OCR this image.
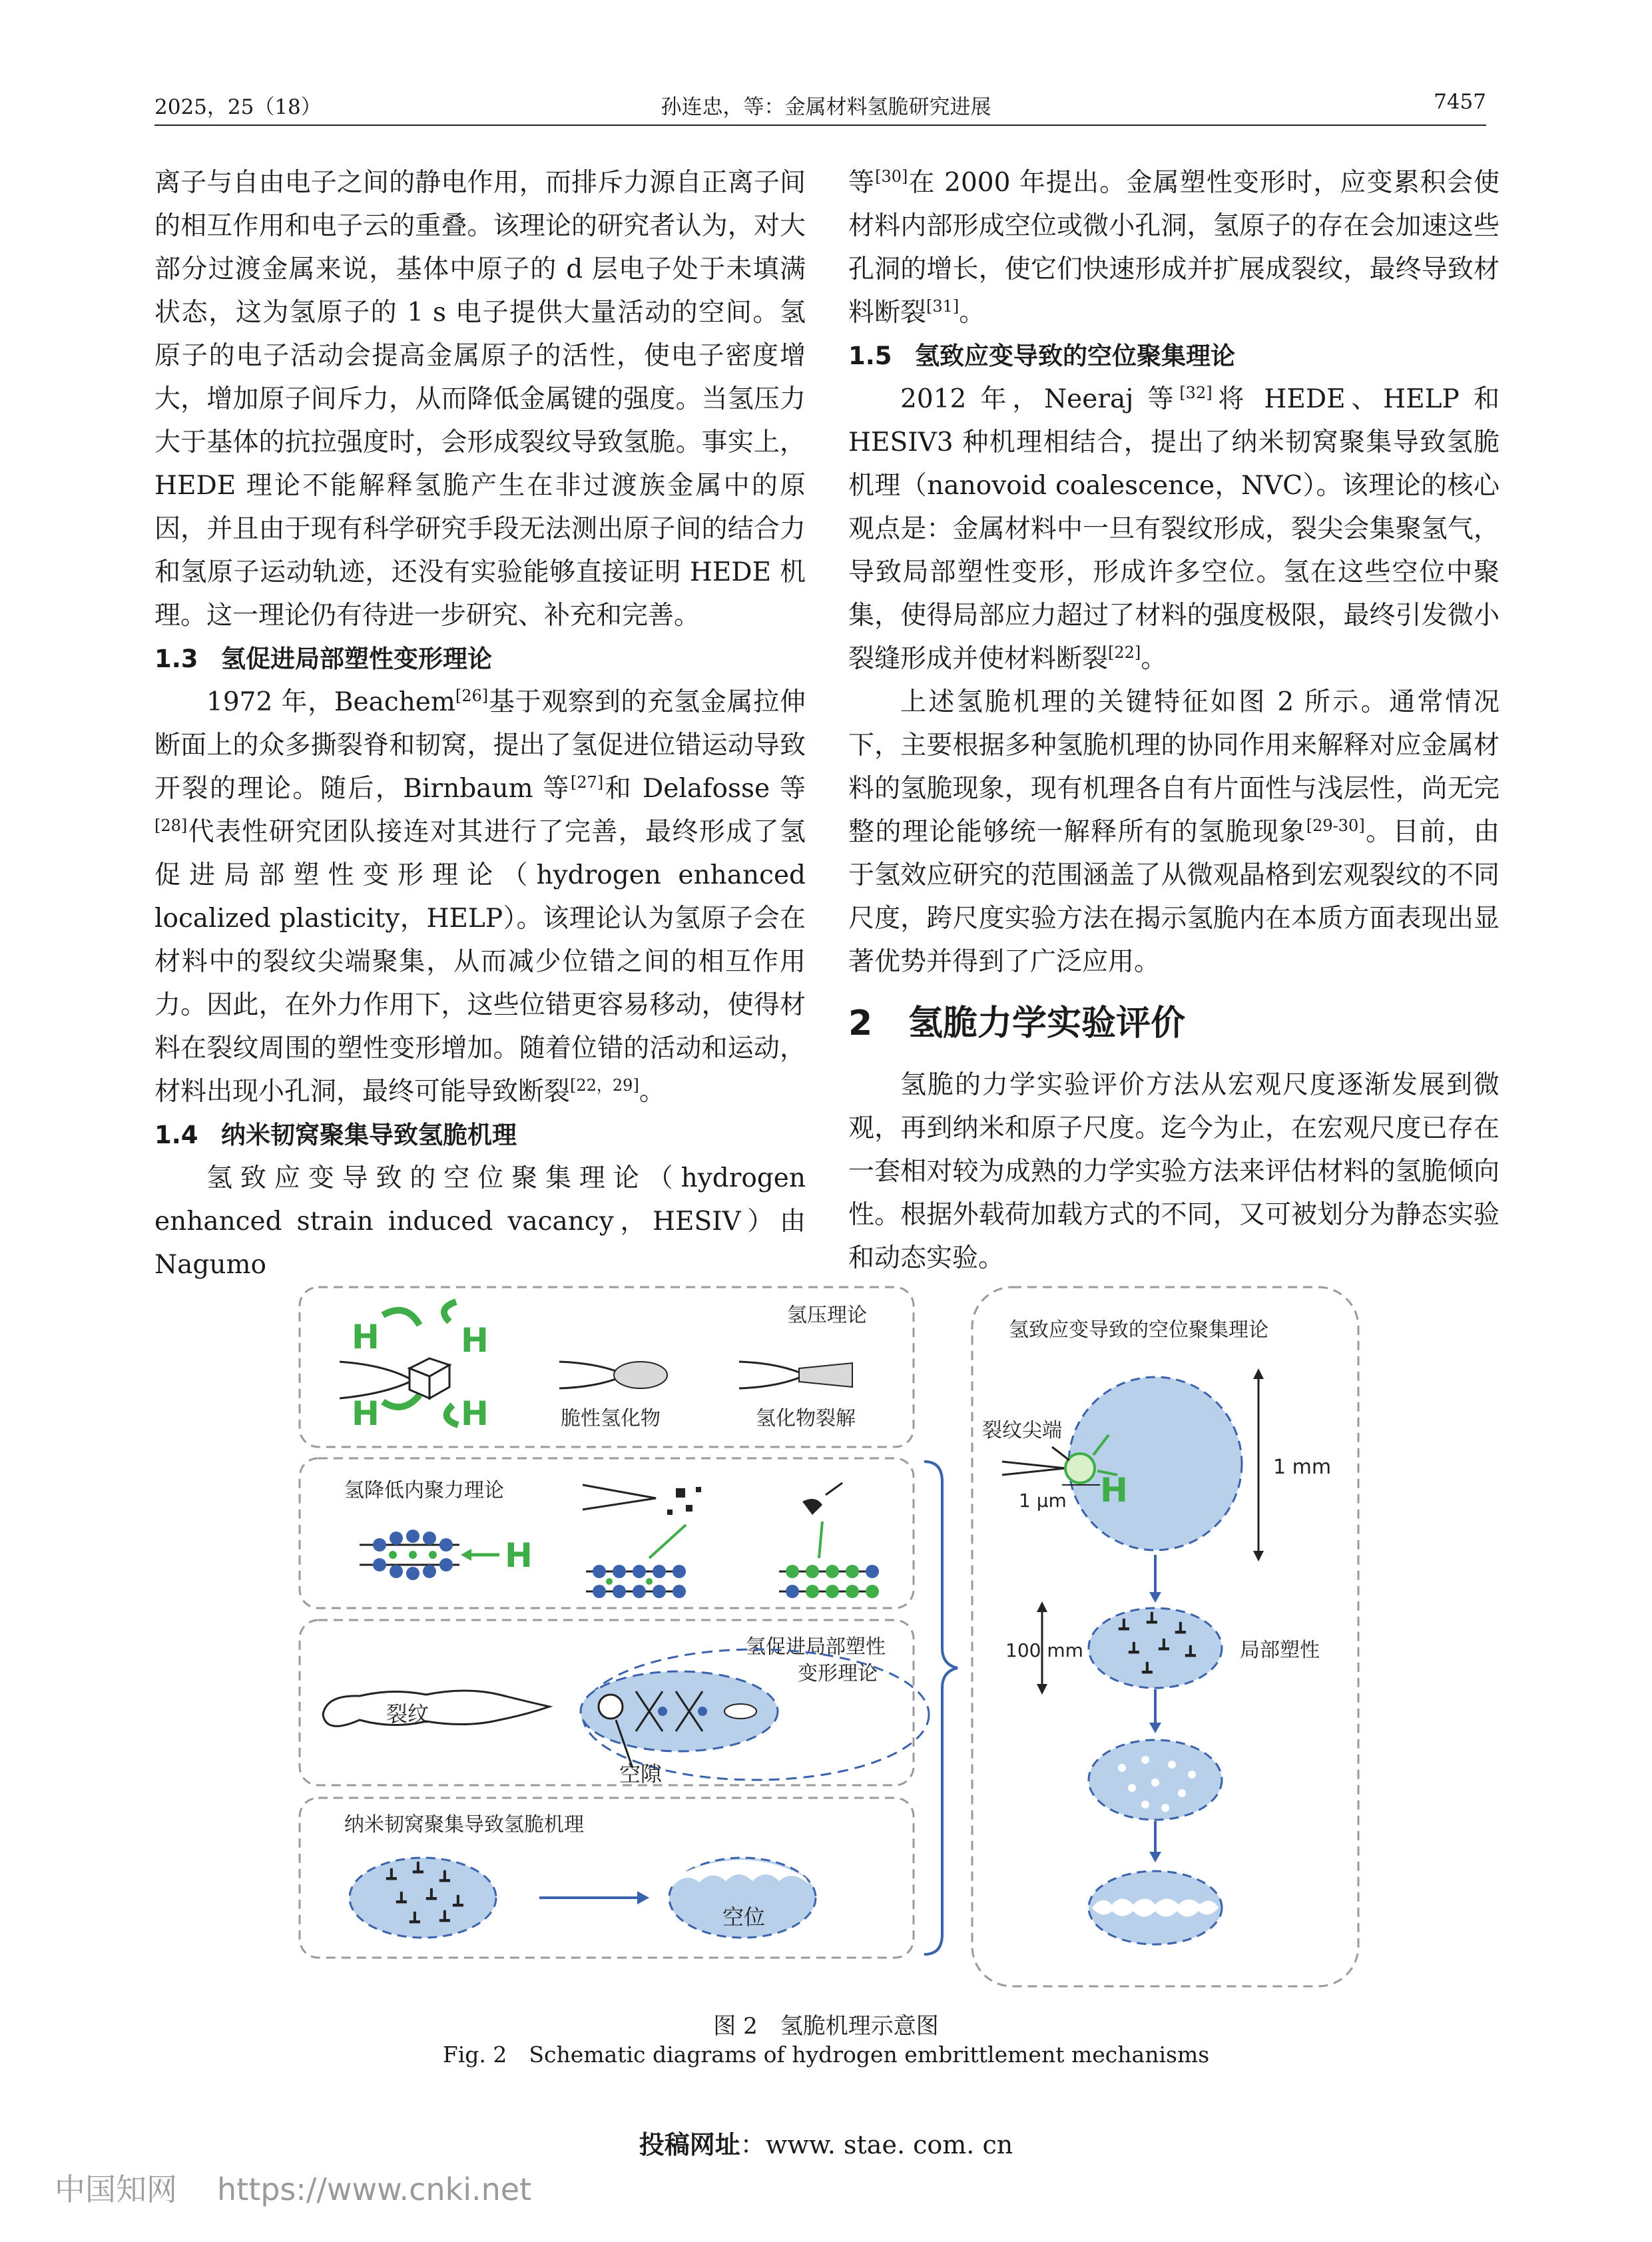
2025，25（18）	孙连忠，等：金属材料氢脆研究进展	7457

离子与自由电子之间的静电作用，而排斥力源自正离子间的相互作用和电子云的重叠。该理论的研究者认为，对大部分过渡金属来说，基体中原子的 d 层电子处于未填满状态，这为氢原子的 1 s 电子提供大量活动的空间。氢原子的电子活动会提高金属原子的活性，使电子密度增大，增加原子间斥力，从而降低金属键的强度。当氢压力大于基体的抗拉强度时，会形成裂纹导致氢脆。事实上，HEDE 理论不能解释氢脆产生在非过渡族金属中的原因，并且由于现有科学研究手段无法测出原子间的结合力和氢原子运动轨迹，还没有实验能够直接证明 HEDE 机理。这一理论仍有待进一步研究、补充和完善。

1.3 氢促进局部塑性变形理论

1972 年，Beachem[26]基于观察到的充氢金属拉伸断面上的众多撕裂脊和韧窝，提出了氢促进位错运动导致开裂的理论。随后，Birnbaum 等[27]和 Delafosse 等[28]代表性研究团队接连对其进行了完善，最终形成了氢促进局部塑性变形理论（hydrogen enhanced localized plasticity，HELP）。该理论认为氢原子会在材料中的裂纹尖端聚集，从而减少位错之间的相互作用力。因此，在外力作用下，这些位错更容易移动，使得材料在裂纹周围的塑性变形增加。随着位错的活动和运动，材料出现小孔洞，最终可能导致断裂[22，29]。

1.4 纳米韧窝聚集导致氢脆机理

氢致应变导致的空位聚集理论（hydrogen enhanced strain induced vacancy，HESIV）由 Nagumo

等[30]在 2000 年提出。金属塑性变形时，应变累积会使材料内部形成空位或微小孔洞，氢原子的存在会加速这些孔洞的增长，使它们快速形成并扩展成裂纹，最终导致材料断裂[31]。

1.5 氢致应变导致的空位聚集理论

2012 年，Neeraj 等[32]将 HEDE、HELP 和 HESIV3 种机理相结合，提出了纳米韧窝聚集导致氢脆机理（nanovoid coalescence，NVC）。该理论的核心观点是：金属材料中一旦有裂纹形成，裂尖会集聚氢气，导致局部塑性变形，形成许多空位。氢在这些空位中聚集，使得局部应力超过了材料的强度极限，最终引发微小裂缝形成并使材料断裂[22]。

上述氢脆机理的关键特征如图 2 所示。通常情况下，主要根据多种氢脆机理的协同作用来解释对应金属材料的氢脆现象，现有机理各自有片面性与浅层性，尚无完整的理论能够统一解释所有的氢脆现象[29-30]。目前，由于氢效应研究的范围涵盖了从微观晶格到宏观裂纹的不同尺度，跨尺度实验方法在揭示氢脆内在本质方面表现出显著优势并得到了广泛应用。

2 氢脆力学实验评价

氢脆的力学实验评价方法从宏观尺度逐渐发展到微观，再到纳米和原子尺度。迄今为止，在宏观尺度已存在一套相对较为成熟的力学实验方法来评估材料的氢脆倾向性。根据外载荷加载方式的不同，又可被划分为静态实验和动态实验。

H H
H H
氢压理论
脆性氢化物	氢化物裂解
氢降低内聚力理论
H
氢促进局部塑性
变形理论
裂纹
空隙
纳米韧窝聚集导致氢脆机理
┻ ┻ ┻
┻ ┻ ┻
┻ ┻	空位
氢致应变导致的空位聚集理论
H
裂纹尖端
1 μm
1 mm
┻ ┻ ┻
┻ ┻ ┻
┻
局部塑性
100 mm
图 2　氢脆机理示意图
Fig. 2　Schematic diagrams of hydrogen embrittlement mechanisms
投稿网址：www. stae. com. cn
中国知网 https://www.cnki.net
